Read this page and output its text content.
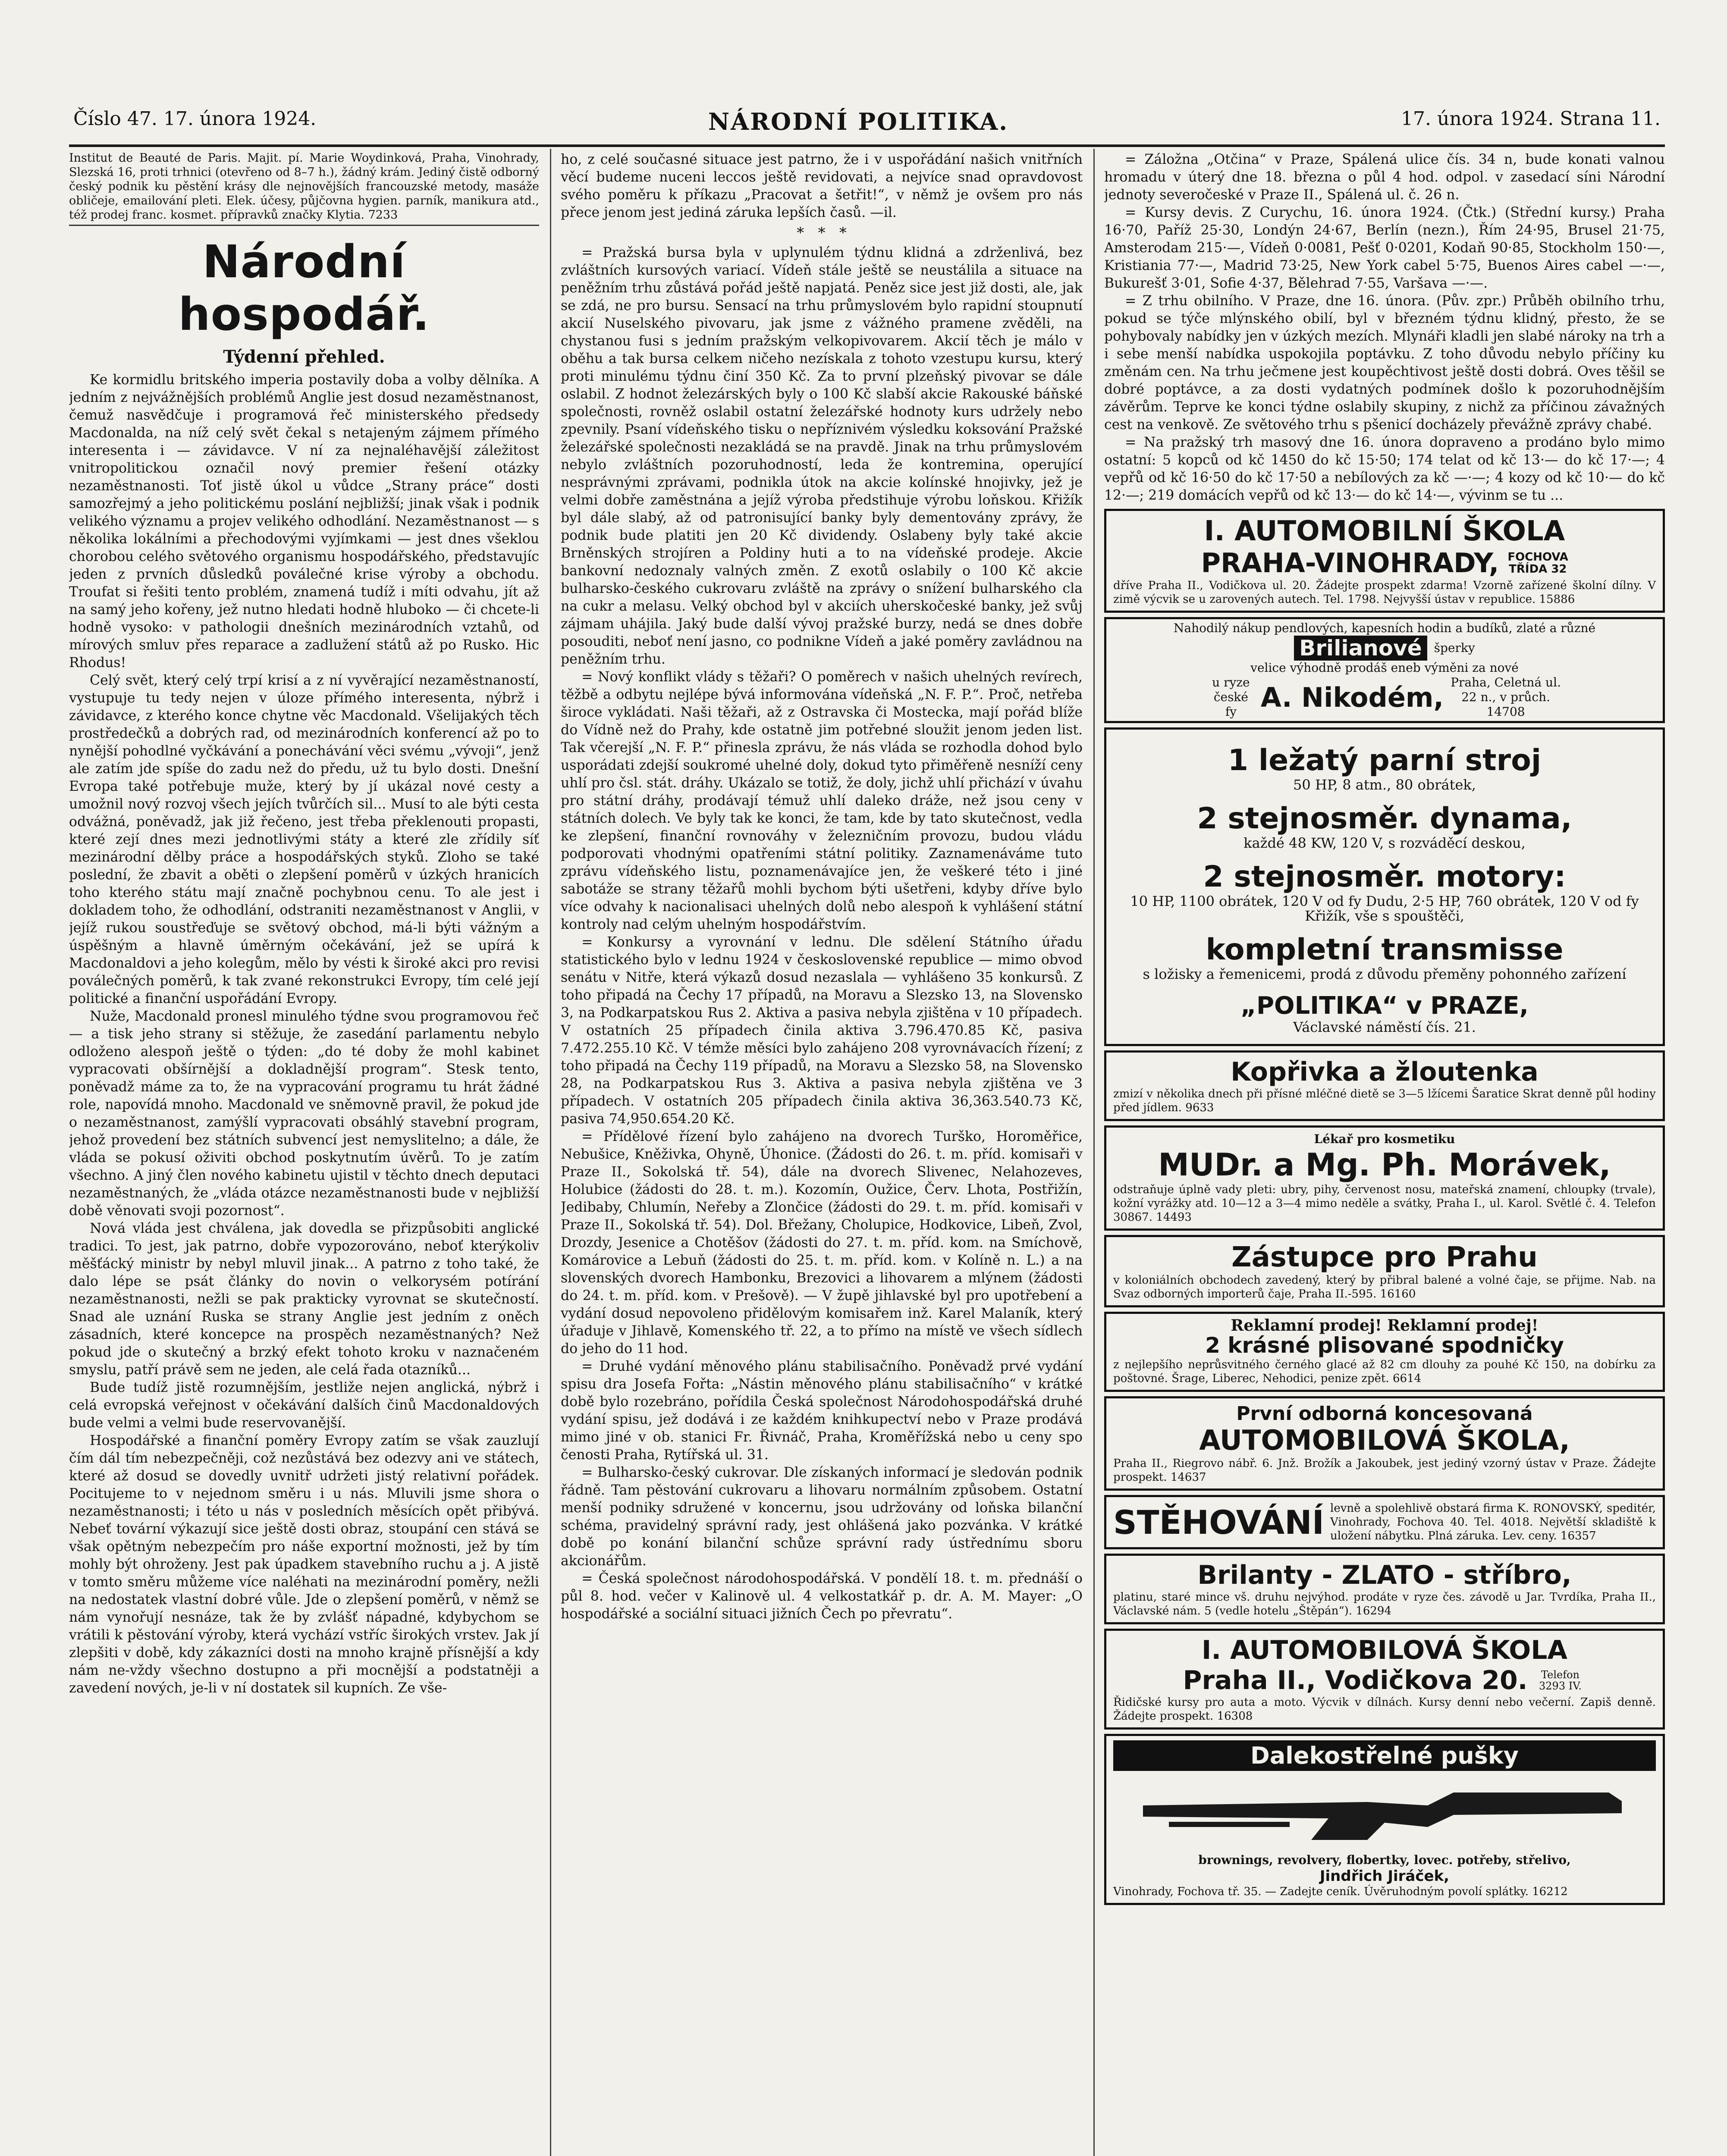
Číslo 47. 17. února 1924.	NÁRODNÍ POLITIKA.	17. února 1924. Strana 11.
Institut de Beauté de Paris. Majit. pí. Marie Woydinková, Praha, Vinohrady, Slezská 16, proti trhnici (otevřeno od 8–7 h.), žádný krám. Jediný čistě odborný český podnik ku pěstění krásy dle nejnovějších francouzské metody, masáže obličeje, emailování pleti. Elek. účesy, půjčovna hygien. parník, manikura atd., též prodej franc. kosmet. přípravků značky Klytia. 7233
Národní hospodář.
Týdenní přehled.

Ke kormidlu britského imperia postavily doba a volby dělníka. A jedním z nejvážnějších problémů Anglie jest dosud nezaměstnanost, čemuž nasvědčuje i programová řeč ministerského předsedy Macdonalda, na níž celý svět čekal s netajeným zájmem přímého interesenta i — závidavce. V ní za nejnaléhavější záležitost vnitropolitickou označil nový premier řešení otázky nezaměstnanosti. Toť jistě úkol u vůdce „Strany práce“ dosti samozřejmý a jeho politickému poslání nejbližší; jinak však i podnik velikého významu a projev velikého odhodlání. Nezaměstnanost — s několika lokálními a přechodovými vyjímkami — jest dnes všeklou chorobou celého světového organismu hospodářského, představujíc jeden z prvních důsledků poválečné krise výroby a obchodu. Troufat si řešiti tento problém, znamená tudíž i míti odvahu, jít až na samý jeho kořeny, jež nutno hledati hodně hluboko — či chcete-li hodně vysoko: v pathologii dnešních mezinárodních vztahů, od mírových smluv přes reparace a zadlužení států až po Rusko. Hic Rhodus!

Celý svět, který celý trpí krisí a z ní vyvěrající nezaměstnaností, vystupuje tu tedy nejen v úloze přímého interesenta, nýbrž i závidavce, z kterého konce chytne věc Macdonald. Všelijakých těch prostředečků a dobrých rad, od mezinárodních konferencí až po to nynější pohodlné vyčkávání a ponechávání věci svému „vývoji“, jenž ale zatím jde spíše do zadu než do předu, už tu bylo dosti. Dnešní Evropa také potřebuje muže, který by jí ukázal nové cesty a umožnil nový rozvoj všech jejích tvůrčích sil... Musí to ale býti cesta odvážná, poněvadž, jak již řečeno, jest třeba překlenouti propasti, které zejí dnes mezi jednotlivými státy a které zle zřídily síť mezinárodní dělby práce a hospodářských styků. Zloho se také poslední, že zbavit a oběti o zlepšení poměrů v úzkých hranicích toho kterého státu mají značně pochybnou cenu. To ale jest i dokladem toho, že odhodlání, odstraniti nezaměstnanost v Anglii, v jejíž rukou soustřeďuje se světový obchod, má-li býti vážným a úspěšným a hlavně úměrným očekávání, jež se upírá k Macdonaldovi a jeho kolegům, mělo by vésti k široké akci pro revisi poválečných poměrů, k tak zvané rekonstrukci Evropy, tím celé její politické a finanční uspořádání Evropy.

Nuže, Macdonald pronesl minulého týdne svou programovou řeč — a tisk jeho strany si stěžuje, že zasedání parlamentu nebylo odloženo alespoň ještě o týden: „do té doby že mohl kabinet vypracovati obšírnější a dokladnější program“. Stesk tento, poněvadž máme za to, že na vypracování programu tu hrát žádné role, napovídá mnoho. Macdonald ve sněmovně pravil, že pokud jde o nezaměstnanost, zamýšlí vypracovati obsáhlý stavební program, jehož provedení bez státních subvencí jest nemyslitelno; a dále, že vláda se pokusí oživiti obchod poskytnutím úvěrů. To je zatím všechno. A jiný člen nového kabinetu ujistil v těchto dnech deputaci nezaměstnaných, že „vláda otázce nezaměstnanosti bude v nejbližší době věnovati svoji pozornost“.

Nová vláda jest chválena, jak dovedla se přizpůsobiti anglické tradici. To jest, jak patrno, dobře vypozorováno, neboť kterýkoliv měšťácký ministr by nebyl mluvil jinak... A patrno z toho také, že dalo lépe se psát články do novin o velkorysém potírání nezaměstnanosti, nežli se pak prakticky vyrovnat se skutečností. Snad ale uznání Ruska se strany Anglie jest jedním z oněch zásadních, které koncepce na prospěch nezaměstnaných? Než pokud jde o skutečný a brzký efekt tohoto kroku v naznačeném smyslu, patří právě sem ne jeden, ale celá řada otazníků...

Bude tudíž jistě rozumnějším, jestliže nejen anglická, nýbrž i celá evropská veřejnost v očekávání dalších činů Macdonaldových bude velmi a velmi bude reservovanější.

Hospodářské a finanční poměry Evropy zatím se však zauzlují čím dál tím nebezpečněji, což nezůstává bez odezvy ani ve státech, které až dosud se dovedly uvnitř udržeti jistý relativní pořádek. Pocitujeme to v nejednom směru i u nás. Mluvili jsme shora o nezaměstnanosti; i této u nás v posledních měsících opět přibývá. Nebeť tovární výkazují sice ještě dosti obraz, stoupání cen stává se však opětným nebezpečím pro náše exportní možnosti, jež by tím mohly být ohroženy. Jest pak úpadkem stavebního ruchu a j. A jistě v tomto směru můžeme více naléhati na mezinárodní poměry, nežli na nedostatek vlastní dobré vůle. Jde o zlepšení poměrů, v němž se nám vynořují nesnáze, tak že by zvlášť nápadné, kdybychom se vrátili k pěstování výroby, která vychází vstříc širokých vrstev. Jak jí zlepšiti v době, kdy zákazníci dosti na mnoho krajně přísnější a kdy nám ne-vždy všechno dostupno a při mocnější a podstatněji a zavedení nových, je-li v ní dostatek sil kupních. Ze vše-

ho, z celé současné situace jest patrno, že i v uspořádání našich vnitřních věcí budeme nuceni leccos ještě revidovati, a nejvíce snad opravdovost svého poměru k příkazu „Pracovat a šetřit!“, v němž je ovšem pro nás přece jenom jest jediná záruka lepších časů. —il.

*   *   *

= Pražská bursa byla v uplynulém týdnu klidná a zdrženlivá, bez zvláštních kursových variací. Vídeň stále ještě se neustálila a situace na peněžním trhu zůstává pořád ještě napjatá. Peněz sice jest již dosti, ale, jak se zdá, ne pro bursu. Sensací na trhu průmyslovém bylo rapidní stoupnutí akcií Nuselského pivovaru, jak jsme z vážného pramene zvěděli, na chystanou fusi s jedním pražským velkopivovarem. Akcií těch je málo v oběhu a tak bursa celkem ničeho nezískala z tohoto vzestupu kursu, který proti minulému týdnu činí 350 Kč. Za to první plzeňský pivovar se dále oslabil. Z hodnot železárských byly o 100 Kč slabší akcie Rakouské báňské společnosti, rovněž oslabil ostatní železářské hodnoty kurs udržely nebo zpevnily. Psaní vídeňského tisku o nepříznivém výsledku koksování Pražské železářské společnosti nezakládá se na pravdě. Jinak na trhu průmyslovém nebylo zvláštních pozoruhodností, leda že kontremina, operující nesprávnými zprávami, podnikla útok na akcie kolínské hnojivky, jež je velmi dobře zaměstnána a jejíž výroba předstihuje výrobu loňskou. Křižík byl dále slabý, až od patronisující banky byly dementovány zprávy, že podnik bude platiti jen 20 Kč dividendy. Oslabeny byly také akcie Brněnských strojíren a Poldiny huti a to na vídeňské prodeje. Akcie bankovní nedoznaly valných změn. Z exotů oslabily o 100 Kč akcie bulharsko-českého cukrovaru zvláště na zprávy o snížení bulharského cla na cukr a melasu. Velký obchod byl v akciích uherskočeské banky, jež svůj zájmam uhájila. Jaký bude další vývoj pražské burzy, nedá se dnes dobře posouditi, neboť není jasno, co podnikne Vídeň a jaké poměry zavládnou na peněžním trhu.

= Nový konflikt vlády s těžaři? O poměrech v našich uhelných revírech, těžbě a odbytu nejlépe bývá informována vídeňská „N. F. P.“. Proč, netřeba široce vykládati. Naši těžaři, až z Ostravska či Mostecka, mají pořád blíže do Vídně než do Prahy, kde ostatně jim potřebné sloužit jenom jeden list. Tak včerejší „N. F. P.“ přinesla zprávu, že nás vláda se rozhodla dohod bylo usporádati zdejší soukromé uhelné doly, dokud tyto přiměřeně nesníží ceny uhlí pro čsl. stát. dráhy. Ukázalo se totiž, že doly, jichž uhlí přichází v úvahu pro státní dráhy, prodávají témuž uhlí daleko dráže, než jsou ceny v státních dolech. Ve byly tak ke konci, že tam, kde by tato skutečnost, vedla ke zlepšení, finanční rovnováhy v železničním provozu, budou vládu podporovati vhodnými opatřeními státní politiky. Zaznamenáváme tuto zprávu vídeňského listu, poznamenávajíce jen, že veškeré této i jiné sabotáže se strany těžařů mohli bychom býti ušetřeni, kdyby dříve bylo více odvahy k nacionalisaci uhelných dolů nebo alespoň k vyhlášení státní kontroly nad celým uhelným hospodářstvím.

= Konkursy a vyrovnání v lednu. Dle sdělení Státního úřadu statistického bylo v lednu 1924 v československé republice — mimo obvod senátu v Nitře, která výkazů dosud nezaslala — vyhlášeno 35 konkursů. Z toho připadá na Čechy 17 případů, na Moravu a Slezsko 13, na Slovensko 3, na Podkarpatskou Rus 2. Aktiva a pasiva nebyla zjištěna v 10 případech. V ostatních 25 případech činila aktiva 3.796.470.85 Kč, pasiva 7.472.255.10 Kč. V témže měsíci bylo zahájeno 208 vyrovnávacích řízení; z toho připadá na Čechy 119 případů, na Moravu a Slezsko 58, na Slovensko 28, na Podkarpatskou Rus 3. Aktiva a pasiva nebyla zjištěna ve 3 případech. V ostatních 205 případech činila aktiva 36,363.540.73 Kč, pasiva 74,950.654.20 Kč.

= Přídělové řízení bylo zahájeno na dvorech Turško, Horoměřice, Nebušice, Kněživka, Ohyně, Úhonice. (Žádosti do 26. t. m. příd. komisaři v Praze II., Sokolská tř. 54), dále na dvorech Slivenec, Nelahozeves, Holubice (žádosti do 28. t. m.). Kozomín, Oužice, Červ. Lhota, Postřižín, Jedibaby, Chlumín, Neřeby a Zlončice (žádosti do 29. t. m. příd. komisaři v Praze II., Sokolská tř. 54). Dol. Břežany, Cholupice, Hodkovice, Libeň, Zvol, Drozdy, Jesenice a Chotěšov (žádosti do 27. t. m. příd. kom. na Smíchově, Komárovice a Lebuň (žádosti do 25. t. m. příd. kom. v Kolíně n. L.) a na slovenských dvorech Hambonku, Brezovici a lihovarem a mlýnem (žádosti do 24. t. m. příd. kom. v Prešově). — V župě jihlavské byl pro upotřebení a vydání dosud nepovoleno přidělovým komisařem inž. Karel Malaník, který úřaduje v Jihlavě, Komenského tř. 22, a to přímo na místě ve všech sídlech do jeho do 11 hod.

= Druhé vydání měnového plánu stabilisačního. Poněvadž prvé vydání spisu dra Josefa Fořta: „Nástin měnového plánu stabilisačního“ v krátké době bylo rozebráno, pořídila Česká společnost Národohospodářská druhé vydání spisu, jež dodává i ze každém knihkupectví nebo v Praze prodává mimo jiné v ob. stanici Fr. Řivnáč, Praha, Kroměřížská nebo u ceny spo čenosti Praha, Rytířská ul. 31.

= Bulharsko-český cukrovar. Dle získaných informací je sledován podnik řádně. Tam pěstování cukrovaru a lihovaru normálním způsobem. Ostatní menší podniky sdružené v koncernu, jsou udržovány od loňska bilanční schéma, pravidelný správní rady, jest ohlášená jako pozvánka. V krátké době po konání bilanční schůze správní rady ústřednímu sboru akcionářům.

= Česká společnost národohospodářská. V pondělí 18. t. m. přednáší o půl 8. hod. večer v Kalinově ul. 4 velkostatkář p. dr. A. M. Mayer: „O hospodářské a sociální situaci jižních Čech po převratu“.

= Záložna „Otčina“ v Praze, Spálená ulice čís. 34 n, bude konati valnou hromadu v úterý dne 18. března o půl 4 hod. odpol. v zasedací síni Národní jednoty severočeské v Praze II., Spálená ul. č. 26 n.

= Kursy devis. Z Curychu, 16. února 1924. (Čtk.) (Střední kursy.) Praha 16·70, Paříž 25·30, Londýn 24·67, Berlín (nezn.), Řím 24·95, Brusel 21·75, Amsterodam 215·—, Vídeň 0·0081, Pešť 0·0201, Kodaň 90·85, Stockholm 150·—, Kristiania 77·—, Madrid 73·25, New York cabel 5·75, Buenos Aires cabel —·—, Bukurešť 3·01, Sofie 4·37, Bělehrad 7·55, Varšava —·—.

= Z trhu obilního. V Praze, dne 16. února. (Pův. zpr.) Průběh obilního trhu, pokud se týče mlýnského obilí, byl v březném týdnu klidný, přesto, že se pohybovaly nabídky jen v úzkých mezích. Mlynáři kladli jen slabé nároky na trh a i sebe menší nabídka uspokojila poptávku. Z toho důvodu nebylo příčiny ku změnám cen. Na trhu ječmene jest koupěchtivost ještě dosti dobrá. Oves těšil se dobré poptávce, a za dosti vydatných podmínek došlo k pozoruhodnějším závěrům. Teprve ke konci týdne oslabily skupiny, z nichž za příčinou závažných cest na venkově. Ze světového trhu s pšenicí docházely převážně zprávy chabé.

= Na pražský trh masový dne 16. února dopraveno a prodáno bylo mimo ostatní: 5 kopců od kč 1450 do kč 15·50; 174 telat od kč 13·— do kč 17·—; 4 vepřů od kč 16·50 do kč 17·50 a nebílových za kč —·—; 4 kozy od kč 10·— do kč 12·—; 219 domácích vepřů od kč 13·— do kč 14·—, vývinm se tu ...

I. AUTOMOBILNÍ ŠKOLA
PRAHA-VINOHRADY, FOCHOVA TŘÍDA 32
dříve Praha II., Vodičkova ul. 20. Žádejte prospekt zdarma! Vzorně zařízené školní dílny. V zimě výcvik se u zarovených autech. Tel. 1798. Nejvyšší ústav v republice. 15886
Nahodilý nákup pendlových, kapesních hodin a budíků, zlaté a různé
Brilianové	šperky
velice výhodně prodáš eneb výměni za nové
u ryze české fy A. Nikodém, Praha, Celetná ul. 22 n., v průch. 14708
1 ležatý parní stroj
50 HP, 8 atm., 80 obrátek,
2 stejnosměr. dynama,
každé 48 KW, 120 V, s rozváděcí deskou,
2 stejnosměr. motory:
10 HP, 1100 obrátek, 120 V od fy Dudu, 2·5 HP, 760 obrátek, 120 V od fy Křižík, vše s spouštěči,
kompletní transmisse
s ložisky a řemenicemi, prodá z důvodu přeměny pohonného zařízení
„POLITIKA“ v PRAZE,
Václavské náměstí čís. 21.
Kopřivka a žloutenka
zmizí v několika dnech při přísné mléčné dietě se 3—5 lžícemi Šaratice Skrat denně půl hodiny před jídlem. 9633
Lékař pro kosmetiku
MUDr. a Mg. Ph. Morávek,
odstraňuje úplně vady pleti: ubry, pihy, červenost nosu, mateřská znamení, chloupky (trvale), kožní vyrážky atd. 10—12 a 3—4 mimo neděle a svátky, Praha I., ul. Karol. Světlé č. 4. Telefon 30867. 14493
Zástupce pro Prahu
v koloniálních obchodech zavedený, který by přibral balené a volné čaje, se přijme. Nab. na Svaz odborných importerů čaje, Praha II.-595. 16160
Reklamní prodej! Reklamní prodej!
2 krásné plisované spodničky
z nejlepšího neprůsvitného černého glacé až 82 cm dlouhy za pouhé Kč 150, na dobírku za poštovné. Šrage, Liberec, Nehodici, penize zpět. 6614
První odborná koncesovaná
AUTOMOBILOVÁ ŠKOLA,
Praha II., Riegrovo nábř. 6. Jnž. Brožík a Jakoubek, jest jediný vzorný ústav v Praze. Žádejte prospekt. 14637
STĚHOVÁNÍ levně a spolehlivě obstará firma K. RONOVSKÝ, speditér, Vinohrady, Fochova 40. Tel. 4018. Největší skladiště k uložení nábytku. Plná záruka. Lev. ceny. 16357
Brilanty - ZLATO - stříbro,
platinu, staré mince vš. druhu nejvýhod. prodáte v ryze čes. závodě u Jar. Tvrdíka, Praha II., Václavské nám. 5 (vedle hotelu „Štěpán“). 16294
I. AUTOMOBILOVÁ ŠKOLA
Praha II., Vodičkova 20.	Telefon 3293 IV.
Řidičské kursy pro auta a moto. Výcvik v dílnách. Kursy denní nebo večerní. Zapiš denně. Žádejte prospekt. 16308
Dalekostřelné pušky
brownings, revolvery, flobertky, lovec. potřeby, střelivo,
Jindřich Jiráček,
Vinohrady, Fochova tř. 35. — Zadejte ceník. Úvěruhodným povolí splátky. 16212
